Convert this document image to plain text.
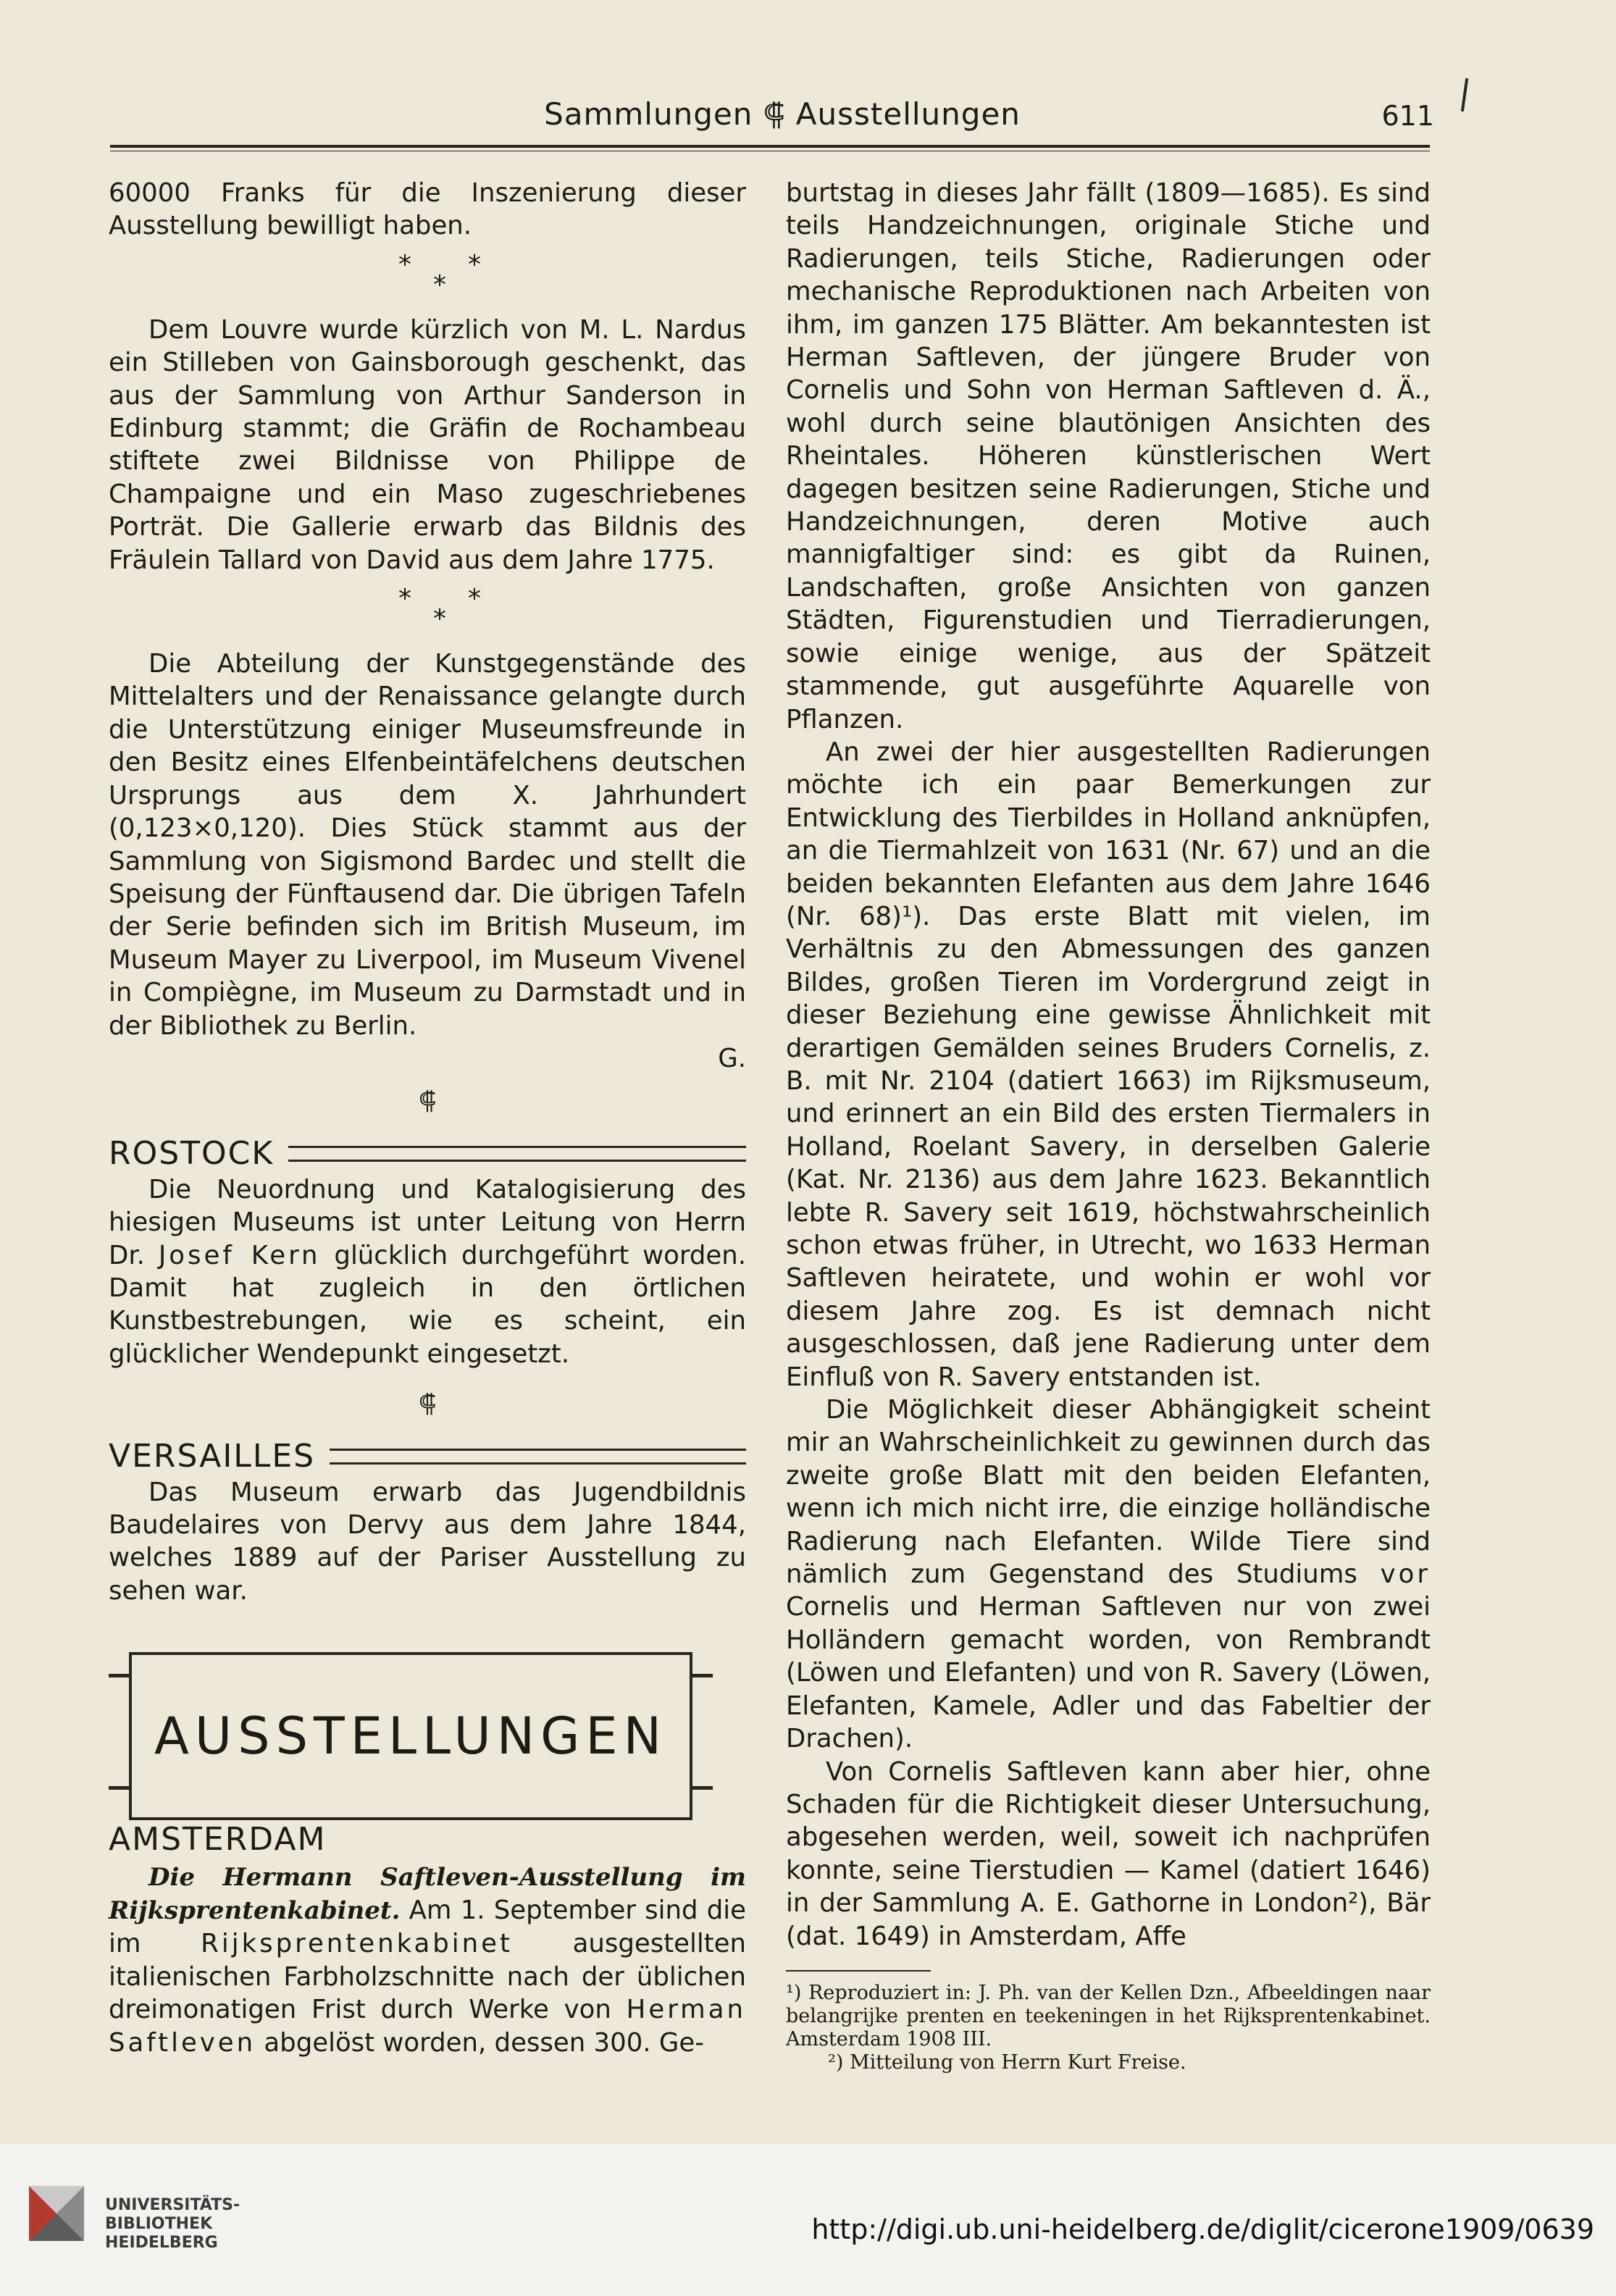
Sammlungen ⸿ Ausstellungen	611

60000 Franks für die Inszenierung dieser Ausstellung bewilligt haben.

*
*
*

Dem Louvre wurde kürzlich von M. L. Nardus ein Stilleben von Gainsborough geschenkt, das aus der Sammlung von Arthur Sanderson in Edinburg stammt; die Gräfin de Rochambeau stiftete zwei Bildnisse von Philippe de Champaigne und ein Maso zugeschriebenes Porträt. Die Gallerie erwarb das Bildnis des Fräulein Tallard von David aus dem Jahre 1775.

*
*
*

Die Abteilung der Kunstgegenstände des Mittelalters und der Renaissance gelangte durch die Unterstützung einiger Museumsfreunde in den Besitz eines Elfenbeintäfelchens deutschen Ursprungs aus dem X. Jahrhundert (0,123×0,120). Dies Stück stammt aus der Sammlung von Sigismond Bardec und stellt die Speisung der Fünftausend dar. Die übrigen Tafeln der Serie befinden sich im British Museum, im Museum Mayer zu Liverpool, im Museum Vivenel in Compiègne, im Museum zu Darmstadt und in der Bibliothek zu Berlin.

G.
⸿
ROSTOCK

Die Neuordnung und Katalogisierung des hiesigen Museums ist unter Leitung von Herrn Dr. Josef Kern glücklich durchgeführt worden. Damit hat zugleich in den örtlichen Kunstbestrebungen, wie es scheint, ein glücklicher Wendepunkt eingesetzt.

⸿
VERSAILLES

Das Museum erwarb das Jugendbildnis Baudelaires von Dervy aus dem Jahre 1844, welches 1889 auf der Pariser Ausstellung zu sehen war.

AUSSTELLUNGEN
AMSTERDAM

Die Hermann Saftleven-Ausstellung im Rijksprentenkabinet. Am 1. September sind die im Rijksprentenkabinet ausgestellten italienischen Farbholzschnitte nach der üblichen dreimonatigen Frist durch Werke von Herman Saftleven abgelöst worden, dessen 300. Ge-

burtstag in dieses Jahr fällt (1809—1685). Es sind teils Handzeichnungen, originale Stiche und Radierungen, teils Stiche, Radierungen oder mechanische Reproduktionen nach Arbeiten von ihm, im ganzen 175 Blätter. Am bekanntesten ist Herman Saftleven, der jüngere Bruder von Cornelis und Sohn von Herman Saftleven d. Ä., wohl durch seine blautönigen Ansichten des Rheintales. Höheren künstlerischen Wert dagegen besitzen seine Radierungen, Stiche und Handzeichnungen, deren Motive auch mannigfaltiger sind: es gibt da Ruinen, Landschaften, große Ansichten von ganzen Städten, Figurenstudien und Tierradierungen, sowie einige wenige, aus der Spätzeit stammende, gut ausgeführte Aquarelle von Pflanzen.

An zwei der hier ausgestellten Radierungen möchte ich ein paar Bemerkungen zur Entwicklung des Tierbildes in Holland anknüpfen, an die Tiermahlzeit von 1631 (Nr. 67) und an die beiden bekannten Elefanten aus dem Jahre 1646 (Nr. 68)¹). Das erste Blatt mit vielen, im Verhältnis zu den Abmessungen des ganzen Bildes, großen Tieren im Vordergrund zeigt in dieser Beziehung eine gewisse Ähnlichkeit mit derartigen Gemälden seines Bruders Cornelis, z. B. mit Nr. 2104 (datiert 1663) im Rijksmuseum, und erinnert an ein Bild des ersten Tiermalers in Holland, Roelant Savery, in derselben Galerie (Kat. Nr. 2136) aus dem Jahre 1623. Bekanntlich lebte R. Savery seit 1619, höchstwahrscheinlich schon etwas früher, in Utrecht, wo 1633 Herman Saftleven heiratete, und wohin er wohl vor diesem Jahre zog. Es ist demnach nicht ausgeschlossen, daß jene Radierung unter dem Einfluß von R. Savery entstanden ist.

Die Möglichkeit dieser Abhängigkeit scheint mir an Wahrscheinlichkeit zu gewinnen durch das zweite große Blatt mit den beiden Elefanten, wenn ich mich nicht irre, die einzige holländische Radierung nach Elefanten. Wilde Tiere sind nämlich zum Gegenstand des Studiums vor Cornelis und Herman Saftleven nur von zwei Holländern gemacht worden, von Rembrandt (Löwen und Elefanten) und von R. Savery (Löwen, Elefanten, Kamele, Adler und das Fabeltier der Drachen).

Von Cornelis Saftleven kann aber hier, ohne Schaden für die Richtigkeit dieser Untersuchung, abgesehen werden, weil, soweit ich nachprüfen konnte, seine Tierstudien — Kamel (datiert 1646) in der Sammlung A. E. Gathorne in London²), Bär (dat. 1649) in Amsterdam, Affe

¹) Reproduziert in: J. Ph. van der Kellen Dzn., Afbeeldingen naar belangrijke prenten en teekeningen in het Rijksprentenkabinet. Amsterdam 1908 III.

²) Mitteilung von Herrn Kurt Freise.

UNIVERSITÄTS-
BIBLIOTHEK
HEIDELBERG	http://digi.ub.uni-heidelberg.de/diglit/cicerone1909/0639
